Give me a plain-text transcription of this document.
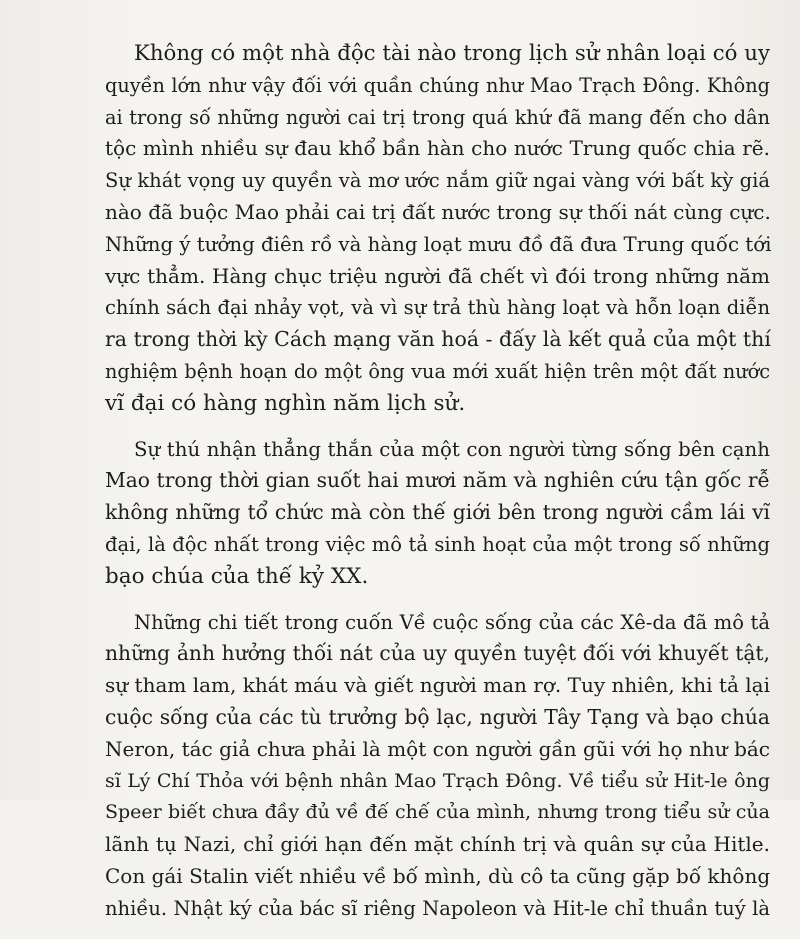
Không có một nhà độc tài nào trong lịch sử nhân loại có uy
quyền lớn như vậy đối với quần chúng như Mao Trạch Đông. Không
ai trong số những người cai trị trong quá khứ đã mang đến cho dân
tộc mình nhiều sự đau khổ bần hàn cho nước Trung quốc chia rẽ.
Sự khát vọng uy quyền và mơ ước nắm giữ ngai vàng với bất kỳ giá
nào đã buộc Mao phải cai trị đất nước trong sự thối nát cùng cực.
Những ý tưởng điên rồ và hàng loạt mưu đồ đã đưa Trung quốc tới
vực thẳm. Hàng chục triệu người đã chết vì đói trong những năm
chính sách đại nhảy vọt, và vì sự trả thù hàng loạt và hỗn loạn diễn
ra trong thời kỳ Cách mạng văn hoá - đấy là kết quả của một thí
nghiệm bệnh hoạn do một ông vua mới xuất hiện trên một đất nước
vĩ đại có hàng nghìn năm lịch sử.
Sự thú nhận thẳng thắn của một con người từng sống bên cạnh
Mao trong thời gian suốt hai mươi năm và nghiên cứu tận gốc rễ
không những tổ chức mà còn thế giới bên trong người cầm lái vĩ
đại, là độc nhất trong việc mô tả sinh hoạt của một trong số những
bạo chúa của thế kỷ XX.
Những chi tiết trong cuốn Về cuộc sống của các Xê-da đã mô tả
những ảnh hưởng thối nát của uy quyền tuyệt đối với khuyết tật,
sự tham lam, khát máu và giết người man rợ. Tuy nhiên, khi tả lại
cuộc sống của các tù trưởng bộ lạc, người Tây Tạng và bạo chúa
Neron, tác giả chưa phải là một con người gần gũi với họ như bác
sĩ Lý Chí Thỏa với bệnh nhân Mao Trạch Đông. Về tiểu sử Hit-le ông
Speer biết chưa đầy đủ về đế chế của mình, nhưng trong tiểu sử của
lãnh tụ Nazi, chỉ giới hạn đến mặt chính trị và quân sự của Hitle.
Con gái Stalin viết nhiều về bố mình, dù cô ta cũng gặp bố không
nhiều. Nhật ký của bác sĩ riêng Napoleon và Hit-le chỉ thuần tuý là
